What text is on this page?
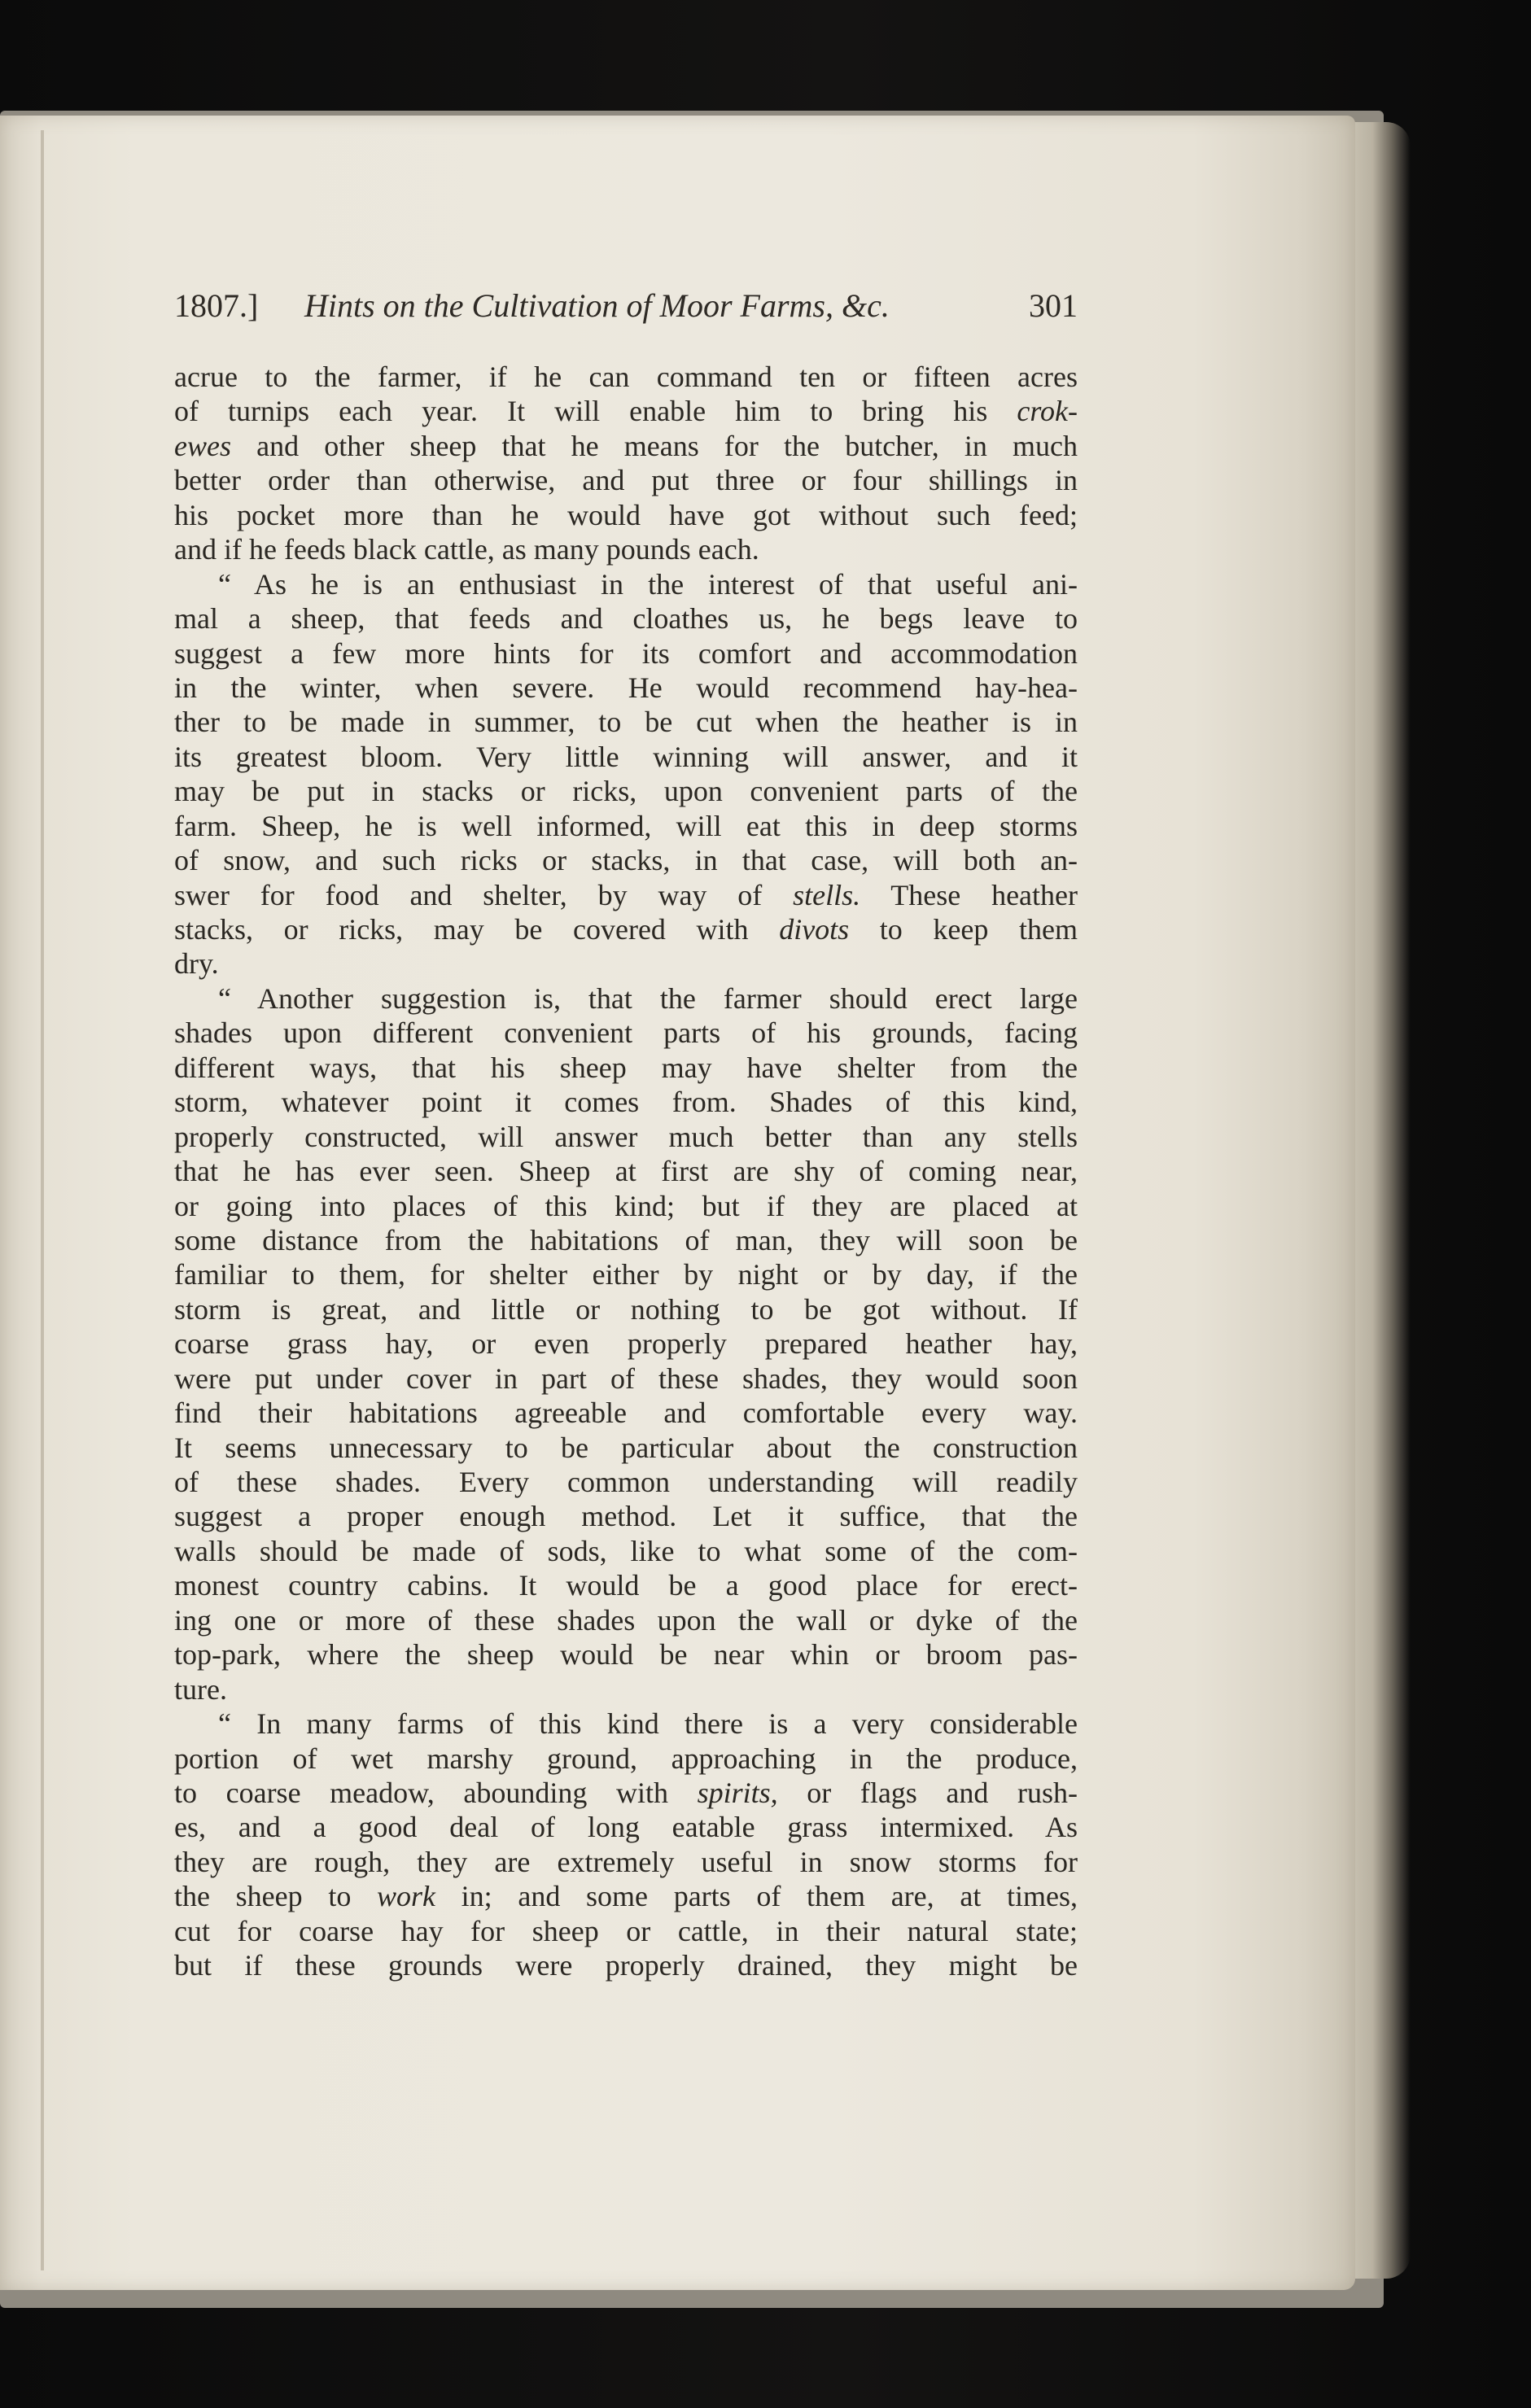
1807.] Hints on the Cultivation of Moor Farms, &c.	301
acrue to the farmer, if he can command ten or fifteen acres
of turnips each year. It will enable him to bring his crok-
ewes and other sheep that he means for the butcher, in much
better order than otherwise, and put three or four shillings in
his pocket more than he would have got without such feed;
and if he feeds black cattle, as many pounds each.
“ As he is an enthusiast in the interest of that useful ani-
mal a sheep, that feeds and cloathes us, he begs leave to
suggest a few more hints for its comfort and accommodation
in the winter, when severe. He would recommend hay-hea-
ther to be made in summer, to be cut when the heather is in
its greatest bloom. Very little winning will answer, and it
may be put in stacks or ricks, upon convenient parts of the
farm. Sheep, he is well informed, will eat this in deep storms
of snow, and such ricks or stacks, in that case, will both an-
swer for food and shelter, by way of stells. These heather
stacks, or ricks, may be covered with divots to keep them
dry.
“ Another suggestion is, that the farmer should erect large
shades upon different convenient parts of his grounds, facing
different ways, that his sheep may have shelter from the
storm, whatever point it comes from. Shades of this kind,
properly constructed, will answer much better than any stells
that he has ever seen. Sheep at first are shy of coming near,
or going into places of this kind; but if they are placed at
some distance from the habitations of man, they will soon be
familiar to them, for shelter either by night or by day, if the
storm is great, and little or nothing to be got without. If
coarse grass hay, or even properly prepared heather hay,
were put under cover in part of these shades, they would soon
find their habitations agreeable and comfortable every way.
It seems unnecessary to be particular about the construction
of these shades. Every common understanding will readily
suggest a proper enough method. Let it suffice, that the
walls should be made of sods, like to what some of the com-
monest country cabins. It would be a good place for erect-
ing one or more of these shades upon the wall or dyke of the
top-park, where the sheep would be near whin or broom pas-
ture.
“ In many farms of this kind there is a very considerable
portion of wet marshy ground, approaching in the produce,
to coarse meadow, abounding with spirits, or flags and rush-
es, and a good deal of long eatable grass intermixed. As
they are rough, they are extremely useful in snow storms for
the sheep to work in; and some parts of them are, at times,
cut for coarse hay for sheep or cattle, in their natural state;
but if these grounds were properly drained, they might be
